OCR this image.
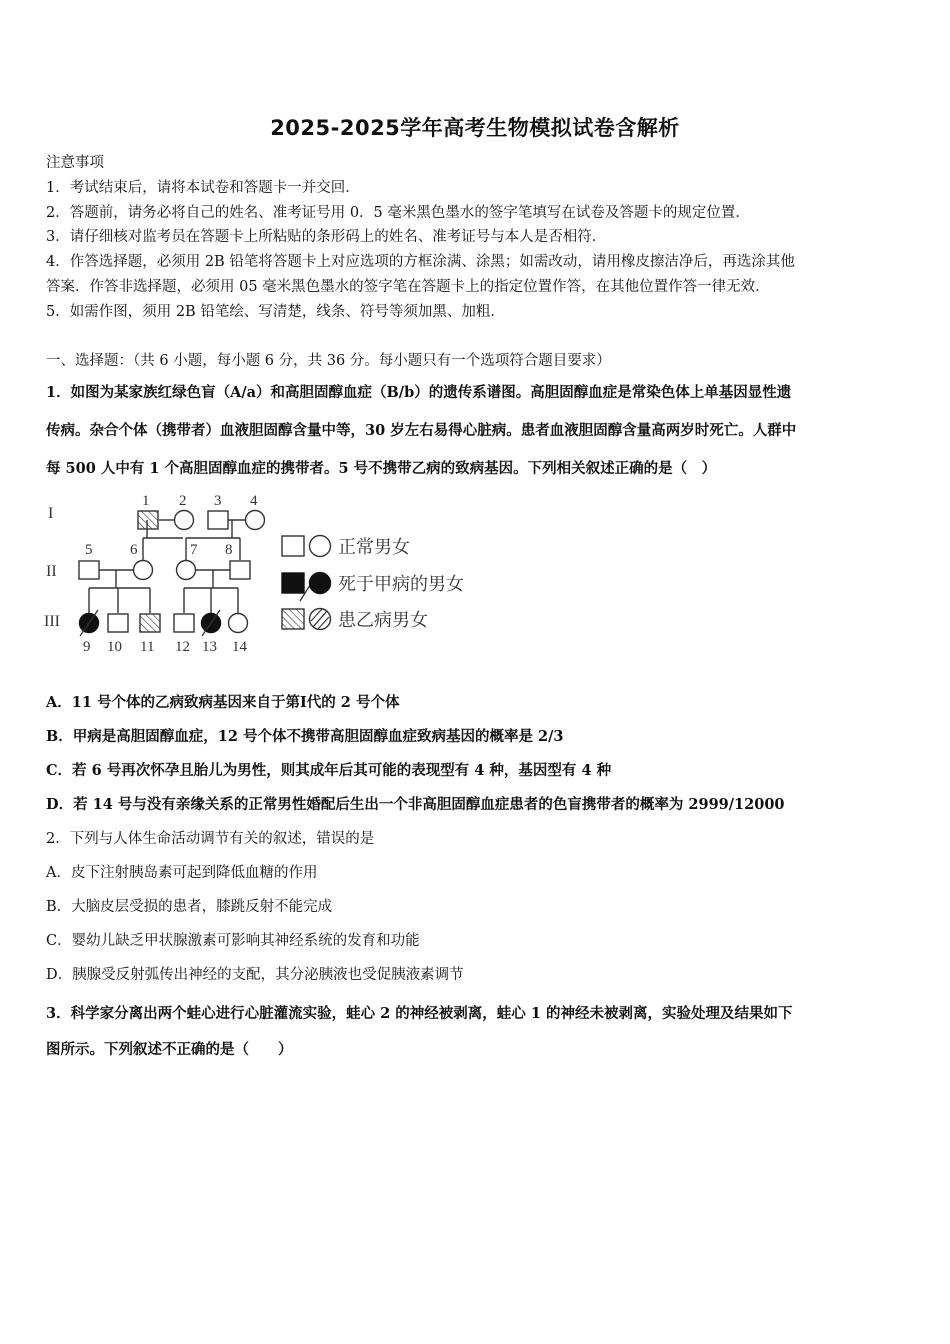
2025-2025学年高考生物模拟试卷含解析
注意事项
1．考试结束后，请将本试卷和答题卡一并交回．
2．答题前，请务必将自己的姓名、准考证号用 0．5 毫米黑色墨水的签字笔填写在试卷及答题卡的规定位置．
3．请仔细核对监考员在答题卡上所粘贴的条形码上的姓名、准考证号与本人是否相符．
4．作答选择题，必须用 2B 铅笔将答题卡上对应选项的方框涂满、涂黑；如需改动，请用橡皮擦洁净后，再选涂其他
答案．作答非选择题，必须用 05 毫米黑色墨水的签字笔在答题卡上的指定位置作答，在其他位置作答一律无效．
5．如需作图，须用 2B 铅笔绘、写清楚，线条、符号等须加黑、加粗．
一、选择题：（共 6 小题，每小题 6 分，共 36 分。每小题只有一个选项符合题目要求）
1．如图为某家族红绿色盲（A/a）和高胆固醇血症（B/b）的遗传系谱图。高胆固醇血症是常染色体上单基因显性遗
传病。杂合个体（携带者）血液胆固醇含量中等，30 岁左右易得心脏病。患者血液胆固醇含量高两岁时死亡。人群中
每 500 人中有 1 个高胆固醇血症的携带者。5 号不携带乙病的致病基因。下列相关叙述正确的是（　）
I
II
III
1 2 3 4
5	6	7 8
9 10 11 12 13 14
正常男女
死于甲病的男女
患乙病男女
A．11 号个体的乙病致病基因来自于第Ⅰ代的 2 号个体
B．甲病是高胆固醇血症，12 号个体不携带高胆固醇血症致病基因的概率是 2/3
C．若 6 号再次怀孕且胎儿为男性，则其成年后其可能的表现型有 4 种，基因型有 4 种
D．若 14 号与没有亲缘关系的正常男性婚配后生出一个非高胆固醇血症患者的色盲携带者的概率为 2999/12000
2．下列与人体生命活动调节有关的叙述，错误的是
A．皮下注射胰岛素可起到降低血糖的作用
B．大脑皮层受损的患者，膝跳反射不能完成
C．婴幼儿缺乏甲状腺激素可影响其神经系统的发育和功能
D．胰腺受反射弧传出神经的支配，其分泌胰液也受促胰液素调节
3．科学家分离出两个蛙心进行心脏灌流实验，蛙心 2 的神经被剥离，蛙心 1 的神经未被剥离，实验处理及结果如下
图所示。下列叙述不正确的是（　　）
